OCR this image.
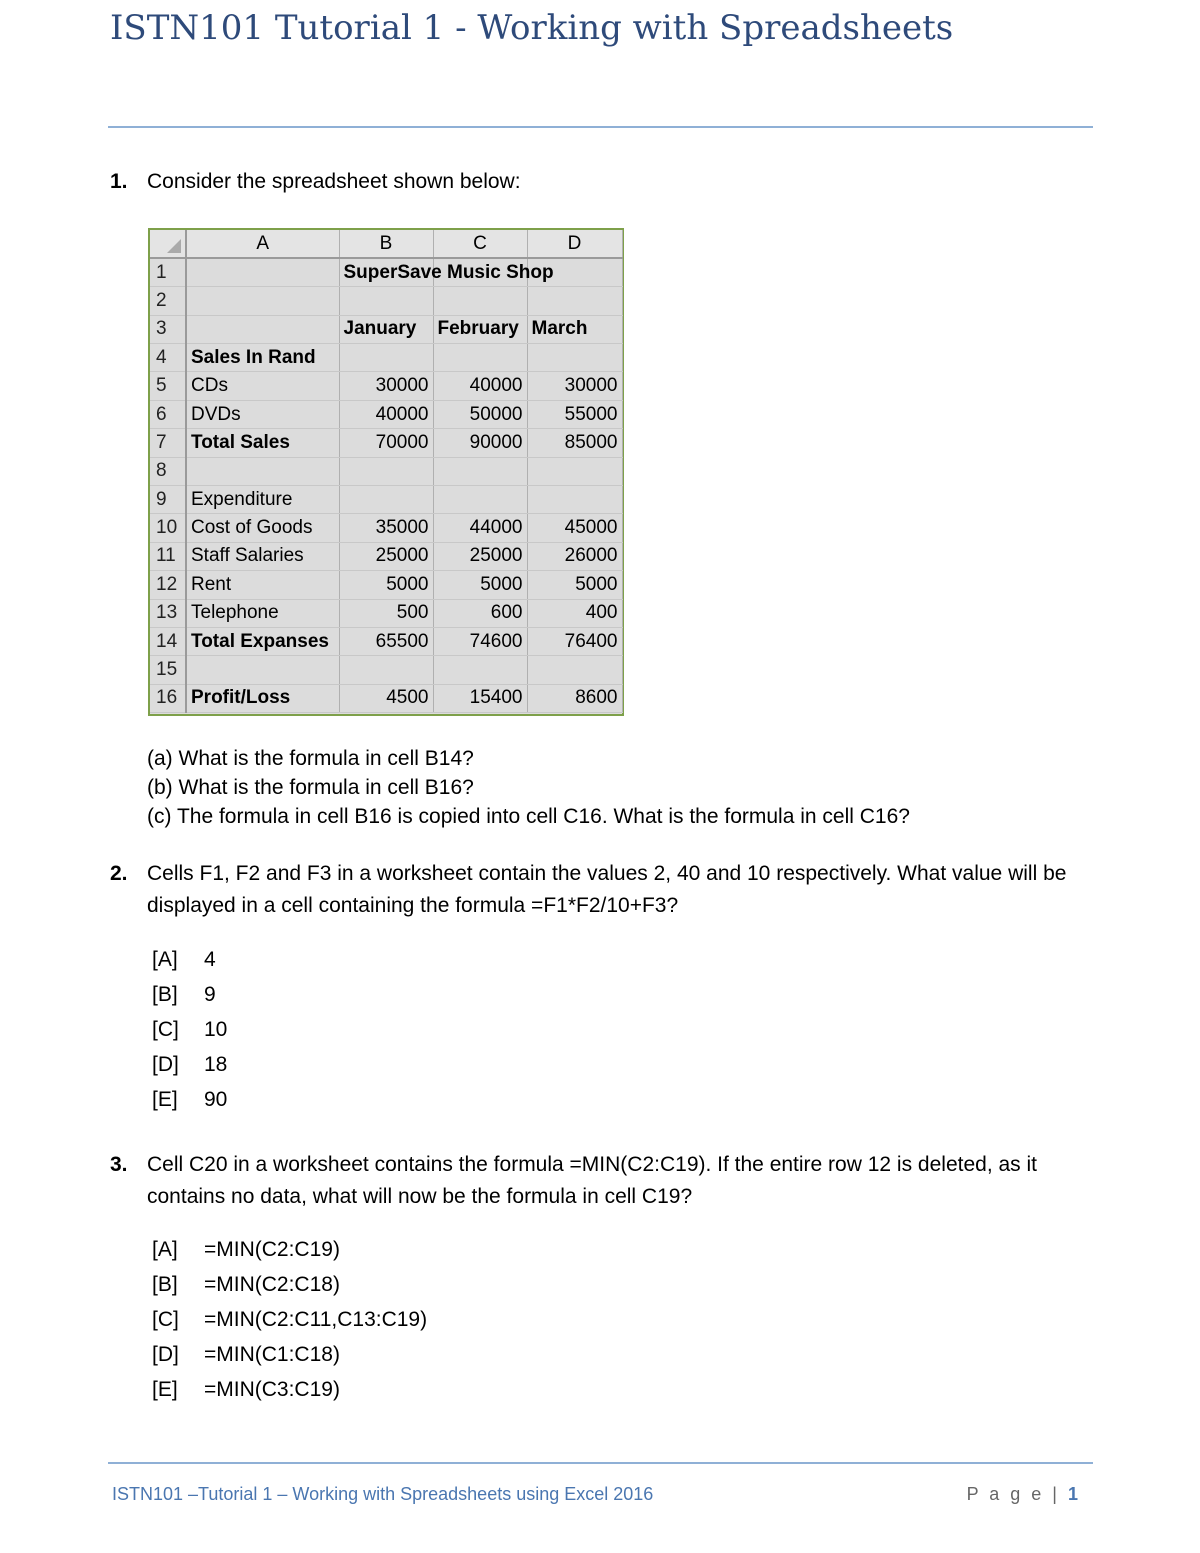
ISTN101 Tutorial 1 - Working with Spreadsheets
1. Consider the spreadsheet shown below:
	A	B	C	D
1		SuperSave Music Shop		
2				
3		January	February	March
4	Sales In Rand			
5	CDs	30000	40000	30000
6	DVDs	40000	50000	55000
7	Total Sales	70000	90000	85000
8				
9	Expenditure			
10	Cost of Goods	35000	44000	45000
11	Staff Salaries	25000	25000	26000
12	Rent	5000	5000	5000
13	Telephone	500	600	400
14	Total Expanses	65500	74600	76400
15				
16	Profit/Loss	4500	15400	8600
(a) What is the formula in cell B14?
(b) What is the formula in cell B16?
(c) The formula in cell B16 is copied into cell C16. What is the formula in cell C16?
2. Cells F1, F2 and F3 in a worksheet contain the values 2, 40 and 10 respectively. What value will be displayed in a cell containing the formula =F1*F2/10+F3?
[A] 4
[B] 9
[C] 10
[D] 18
[E] 90
3. Cell C20 in a worksheet contains the formula =MIN(C2:C19). If the entire row 12 is deleted, as it contains no data, what will now be the formula in cell C19?
[A] =MIN(C2:C19)
[B] =MIN(C2:C18)
[C] =MIN(C2:C11,C13:C19)
[D] =MIN(C1:C18)
[E] =MIN(C3:C19)
ISTN101 –Tutorial 1 – Working with Spreadsheets using Excel 2016	P a g e | 1
